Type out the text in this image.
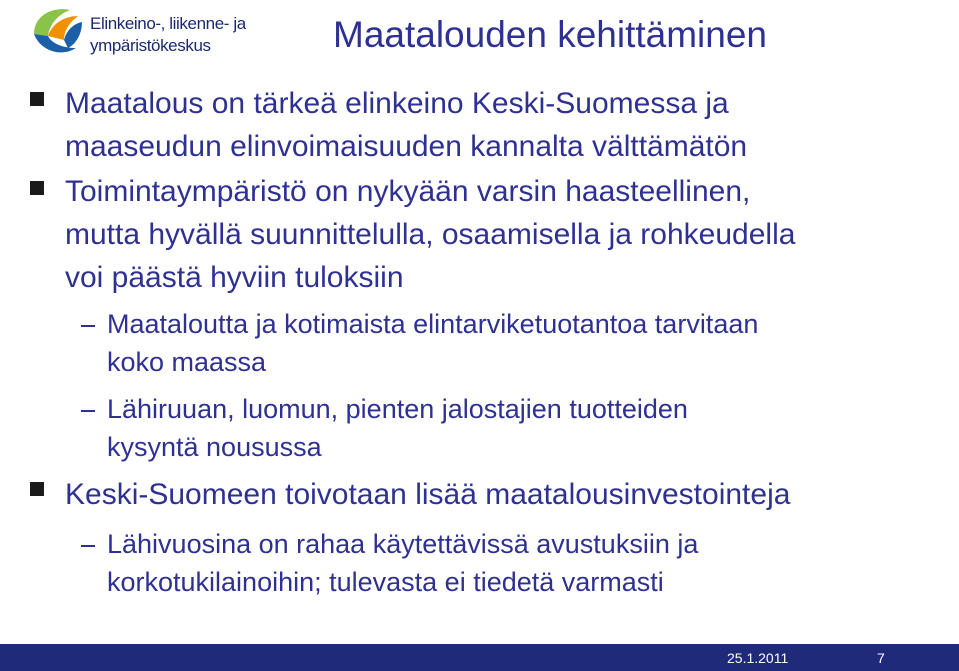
Elinkeino-, liikenne- ja
ympäristökeskus	Maatalouden kehittäminen
Maatalous on tärkeä elinkeino Keski-Suomessa ja
maaseudun elinvoimaisuuden kannalta välttämätön
Toimintaympäristö on nykyään varsin haasteellinen,
mutta hyvällä suunnittelulla, osaamisella ja rohkeudella
voi päästä hyviin tuloksiin
Maataloutta ja kotimaista elintarviketuotantoa tarvitaan
koko maassa
Lähiruuan, luomun, pienten jalostajien tuotteiden
kysyntä nousussa
Keski-Suomeen toivotaan lisää maatalousinvestointeja
Lähivuosina on rahaa käytettävissä avustuksiin ja
korkotukilainoihin; tulevasta ei tiedetä varmasti
25.1.2011	7
